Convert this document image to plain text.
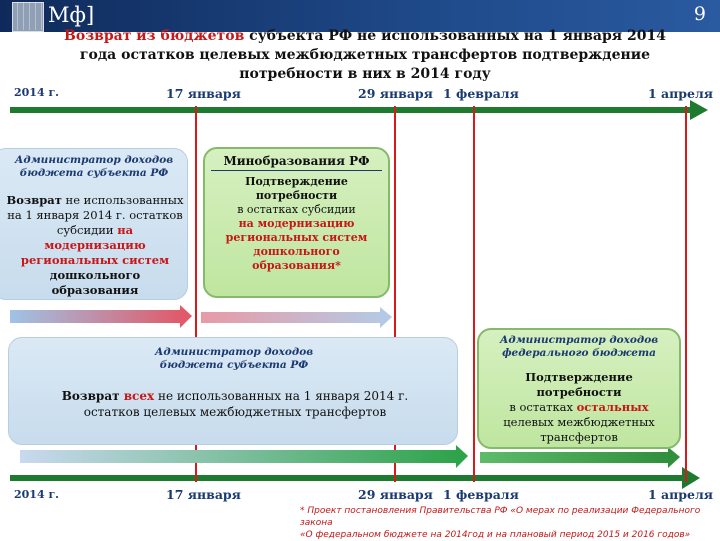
Мф]	9
Возврат из бюджетов субъекта РФ не использованных на 1 января 2014 года остатков целевых межбюджетных трансфертов подтверждение потребности в них в 2014 году
2014 г.	17 января	29 января 1 февраля	1 апреля
2014 г.	17 января	29 января 1 февраля	1 апреля
Администратор доходов бюджета субъекта РФ
Возврат не использованных на 1 января 2014 г. остатков субсидии на модернизацию региональных систем дошкольного образования
Минобразования РФ
Подтверждение потребности
в остатках субсидии
на модернизацию
региональных систем дошкольного образования*
Администратор доходов бюджета субъекта РФ
Возврат всех не использованных на 1 января 2014 г. остатков целевых межбюджетных трансфертов
Администратор доходов федерального бюджета
Подтверждение потребности
в остатках остальных
целевых межбюджетных трансфертов
* Проект постановления Правительства РФ «О мерах по реализации Федерального закона
«О федеральном бюджете на 2014год и на плановый период 2015 и 2016 годов»
